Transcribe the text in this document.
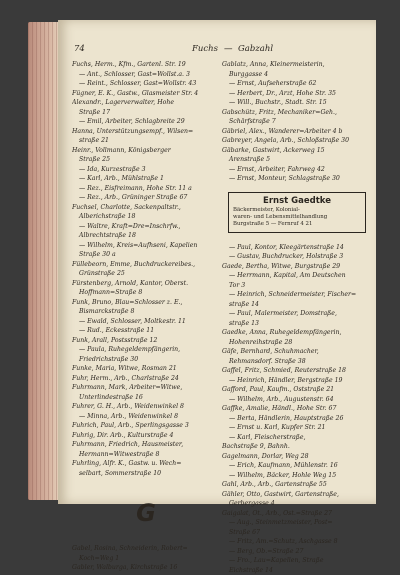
74	Fuchs — Gabzahl
Fuchs, Herm., Kfm., Gartenl. Str. 19
— Ant., Schlosser, Gast=Wollst.a. 3
— Reint., Schlosser, Gast=Wollstr. 43
Fügner, E. K., Gastw., Glasmeister Str. 4
Alexandr., Lagerverwalter, Hohe
Straße 17
— Emil, Arbeiter, Schlagbreite 29
Hanna, Unterstützungsempf., Wilsen=
straße 21
Heinr., Vollmann, Königsberger
Straße 25
— Ida, Kurzestraße 3
— Karl, Arb., Mühlstraße 1
— Rez., Eisfreimann, Hohe Str. 11 a
— Rez., Arb., Grüninger Straße 67
Fuchsel, Charlotte, Sackenpaltstr.,
Alberichstraße 18
— Waltre, Kraft=Dre=Inschrfw.,
Albrechtstraße 18
— Wilhelm, Kreis=Aufhseni, Kapelien
Straße 30 a
Füllebeorn, Emme, Buchdruckereibes.,
Grünstraße 25
Fürstenberg, Arnold, Kantor, Oberst.
Hoffmann=Straße 8
Funk, Bruno, Blau=Schlosser z. E.,
Bismarckstraße 8
— Ewald, Schlosser, Moltkestr. 11
— Rud., Eckesstraße 11
Funk, Arall, Postsstraße 12
— Paula, Ruhegeldempfängerin,
Friedrichstraße 30
Funke, Maria, Witwe, Rosman 21
Fuhr, Herm., Arb., Charlstraße 24
Fuhrmann, Mark, Arbeiter=Witwe,
Unterlindestraße 16
Fuhrer, G. H., Arb., Weidenwinkel 8
— Minna, Arb., Weidenwinkel 8
Fuhrich, Paul, Arb., Sperlingsgasse 3
Fuhrig, Dir. Arb., Kulturstraße 4
Fuhrmann, Friedrich, Hausmeister,
Hermann=Witwestraße 8
Fuhrling, Alfr. K., Gastw. u. Wech=
selbart, Sommerstraße 10
G
Gabel, Rosina, Schneiderin, Robert=
Koch=Weg 1
Gabler, Walburga, Kirchstraße 16
Gablatz, Anna, Kleinermeisterin,
Burggasse 4
— Ernst, Aufseherstraße 62
— Herbert, Dr., Arzt, Hohe Str. 35
— Will., Buchstr., Stadt. Str. 15
Gabschütz, Fritz, Mechaniker=Geh.,
Schärfstraße 7
Gäbriel, Alex., Wanderer=Arbeiter 4 b
Gabreyer, Angela, Arb., Schloßstraße 30
Gäbarke, Gastwirt, Ackerweg 15
Arenstraße 5
— Ernst, Arbeiter, Fahrweg 42
— Ernst, Monteur, Schlagstraße 30
Ernst Gaedtke
Bäckermeister, Kolonial-
waren- und Lebensmittelhandlung
Burgstraße 5 — Fernruf 4 21
— Paul, Kontor, Kleegärtenstraße 14
— Gustav, Buchdrucker, Holstraße 3
Gaede, Bertha, Witwe, Burgstraße 29
— Herrmann, Kapital, Am Deutschen
Tor 3
— Heinrich, Schneidermeister, Fischer=
straße 14
— Paul, Malermeister, Domstraße,
straße 13
Gaedke, Anna, Ruhegeldempfängerin,
Hohenreihstraße 28
Gäfe, Bernhard, Schuhmacher,
Rehmansdorf. Straße 38
Gaffel, Fritz, Schmied, Reuterstraße 18
— Heinrich, Händler, Bergstraße 19
Gafford, Paul, Kaufm., Oststraße 21
— Wilhelm, Arb., Augustenstr. 64
Gaffke, Amalie, Händl., Hohe Str. 67
— Berta, Händlerin, Hauptstraße 26
— Ernst u. Karl, Kupfer Str. 21
— Karl, Fleischerstraße,
Bachstraße 9, Bahnh.
Gagelmann, Dorlar, Weg 28
— Erich, Kaufmann, Mühlenstr. 16
— Wilhelm, Bäcker, Hohle Weg 15
Gahl, Arb., Arb., Gartenstraße 55
Gähler, Otto, Gastwirt, Gartenstraße,
Gerbergasse 4
Gaigalat, Ot., Arb., Ost.=Straße 27
— Aug., Steinmetzmeister, Post=
Straße 67
— Fritz, Am.=Schutz, Aschgasse 8
— Berg, Ob.=Straße 27
— Fro., Lau=Kapellen, Straße
Eichstraße 14
